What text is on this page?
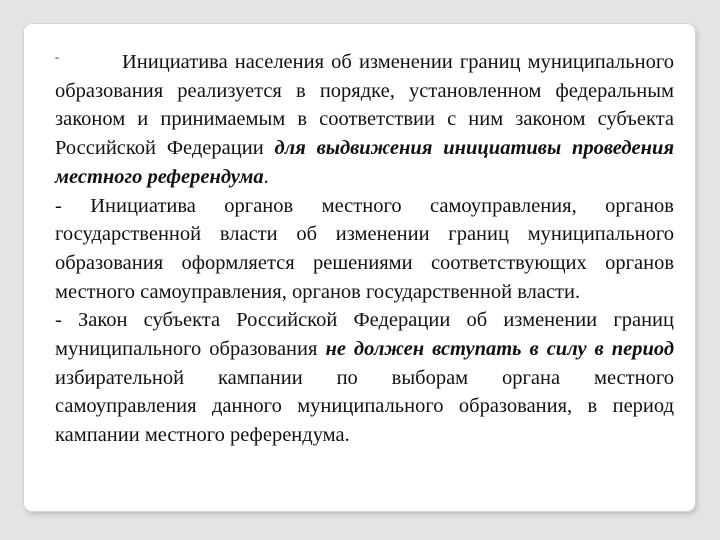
-	Инициатива населения об изменении границ муниципального образования реализуется в порядке, установленном федеральным законом и принимаемым в соответствии с ним законом субъекта Российской Федерации для выдвижения инициативы проведения местного референдума.

- Инициатива органов местного самоуправления, органов государственной власти об изменении границ муниципального образования оформляется решениями соответствующих органов местного самоуправления, органов государственной власти.

- Закон субъекта Российской Федерации об изменении границ муниципального образования не должен вступать в силу в период избирательной кампании по выборам органа местного самоуправления данного муниципального образования, в период кампании местного референдума.
